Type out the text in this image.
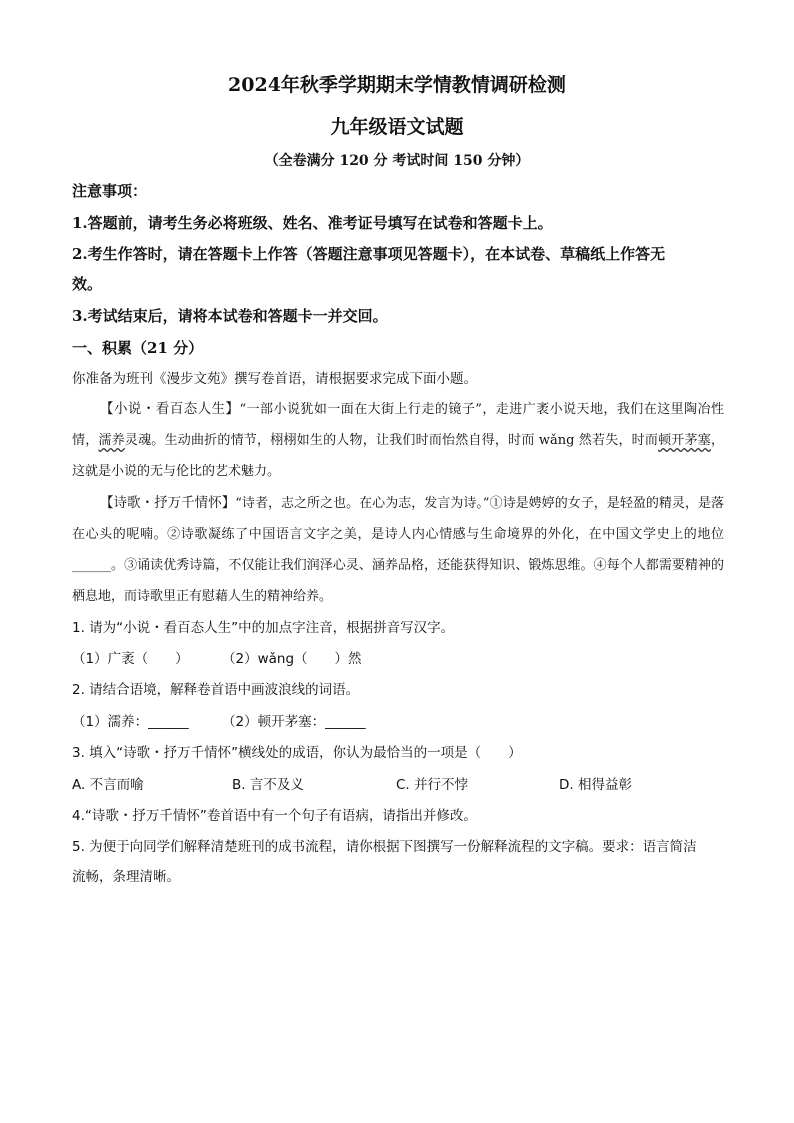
2024年秋季学期期末学情教情调研检测
九年级语文试题
（全卷满分 120 分 考试时间 150 分钟）
注意事项：
1.答题前，请考生务必将班级、姓名、准考证号填写在试卷和答题卡上。
2.考生作答时，请在答题卡上作答（答题注意事项见答题卡），在本试卷、草稿纸上作答无
效。
3.考试结束后，请将本试卷和答题卡一并交回。
一、积累（21 分）
你准备为班刊《漫步文苑》撰写卷首语，请根据要求完成下面小题。
【小说・看百态人生】“一部小说犹如一面在大街上行走的镜子”，走进广袤小说天地，我们在这里陶冶性情，濡养灵魂。生动曲折的情节，栩栩如生的人物，让我们时而怡然自得，时而 wǎng 然若失，时而顿开茅塞，这就是小说的无与伦比的艺术魅力。
【诗歌・抒万千情怀】“诗者，志之所之也。在心为志，发言为诗。”①诗是娉婷的女子，是轻盈的精灵，是落在心头的呢喃。②诗歌凝练了中国语言文字之美，是诗人内心情感与生命境界的外化，在中国文学史上的地位______。③诵读优秀诗篇，不仅能让我们润泽心灵、涵养品格，还能获得知识、锻炼思维。④每个人都需要精神的栖息地，而诗歌里正有慰藉人生的精神给养。
1. 请为“小说・看百态人生”中的加点字注音，根据拼音写汉字。
（1）广袤（　　） （2）wǎng（　　）然
2. 请结合语境，解释卷首语中画波浪线的词语。
（1）濡养：______ （2）顿开茅塞：______
3. 填入“诗歌・抒万千情怀”横线处的成语，你认为最恰当的一项是（　　）
A. 不言而喻	B. 言不及义	C. 并行不悖	D. 相得益彰
4.“诗歌・抒万千情怀”卷首语中有一个句子有语病，请指出并修改。
5. 为便于向同学们解释清楚班刊的成书流程，请你根据下图撰写一份解释流程的文字稿。要求：语言简洁
流畅，条理清晰。
